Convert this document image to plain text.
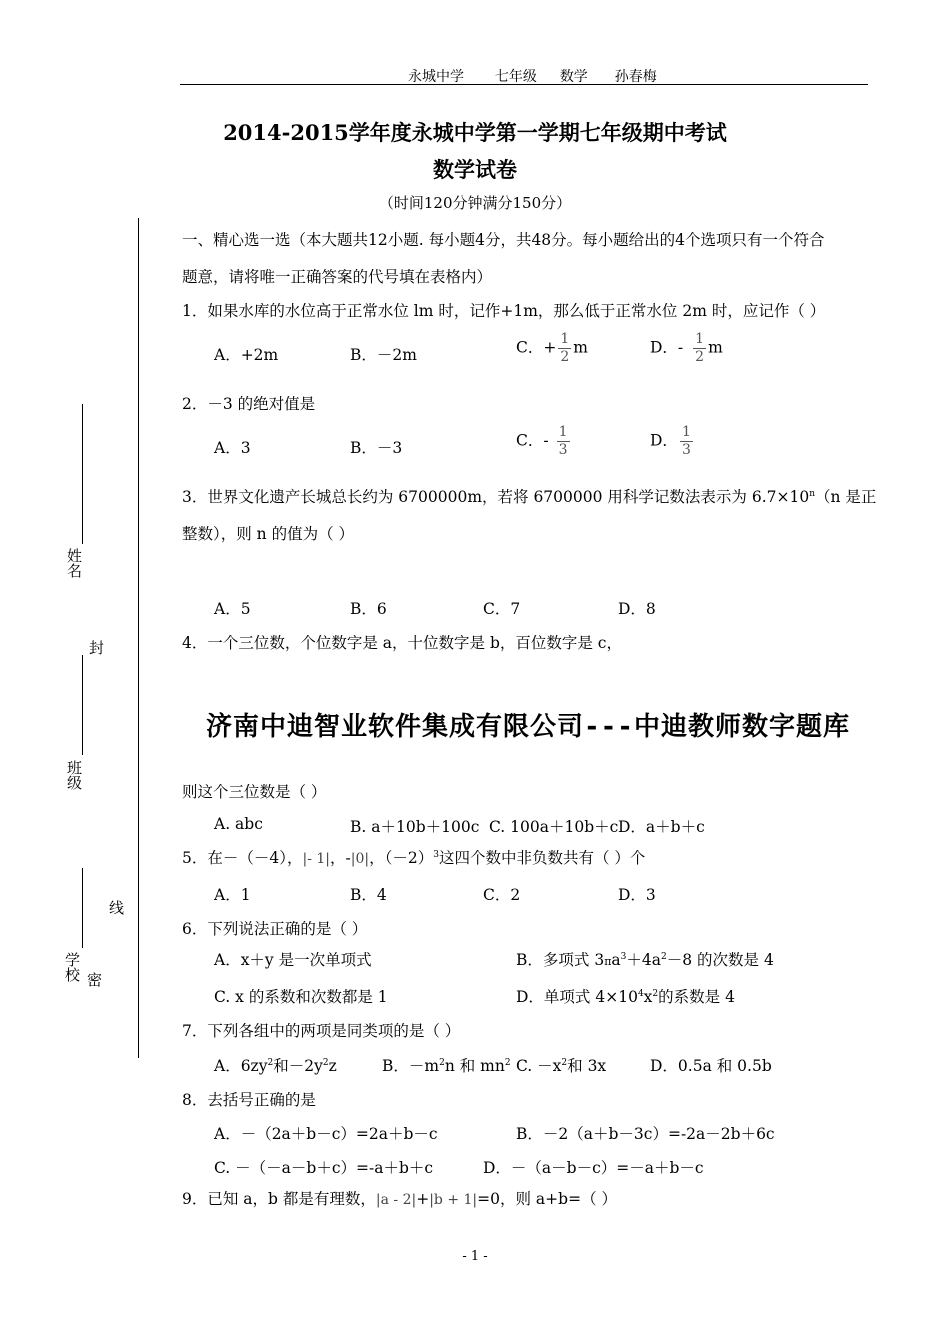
永城中学 七年级 数学 孙春梅
2014-2015学年度永城中学第一学期七年级期中考试
数学试卷
（时间120分钟满分150分）
姓名
封
班级
线
学校 密
一、精心选一选（本大题共12小题. 每小题4分，共48分。每小题给出的4个选项只有一个符合
题意，请将唯一正确答案的代号填在表格内）
1．如果水库的水位高于正常水位 lm 时，记作+1m，那么低于正常水位 2m 时，应记作（ ）
A．+2m	B．－2m	C．+ $\frac{1}{2}$ m	D．- $\frac{1}{2}$ m
2．－3 的绝对值是
A．3	B．－3	C．- $\frac{1}{3}$	D． $\frac{1}{3}$
3．世界文化遗产长城总长约为 6700000m，若将 6700000 用科学记数法表示为 $6.7\times 10^n(n$ 是正
整数），则 n 的值为（ ）
A．5	B．6	C．7	D．8
4．一个三位数，个位数字是 a，十位数字是 b，百位数字是 c，
济南中迪智业软件集成有限公司---中迪教师数字题库
则这个三位数是（ ）
A. abc	B. a＋10b＋100c C. 100a＋10b＋c D．a＋b＋c
5．在－（－4），|- 1|，-|0|，$(-2)^3$这四个数中非负数共有（ ）个
A．1	B．4	C．2	D．3
6．下列说法正确的是（ ）
A．x＋y 是一次单项式	B．多项式 $3\pi a^3+4a^2-8$ 的次数是 4
C. x 的系数和次数都是 1	D．单项式 $4\times 10^4x^2$的系数是 4
7．下列各组中的两项是同类项的是（ ）
A．$6zy^2$和$-2y^2z$	B．$-m^2n$ 和 $mn^2$ C. $-x^2$和 3x	D．0.5a 和 0.5b
8．去括号正确的是
A．－（2a＋b－c）=2a＋b－c	B．－2（a＋b－3c）=-2a－2b＋6c
C. －（－a－b＋c）=-a＋b＋c	D．－（a－b－c）=－a＋b－c
9．已知 a，b 都是有理数，|a - 2|+|b + 1|=0，则 a+b=（ ）
- 1 -
